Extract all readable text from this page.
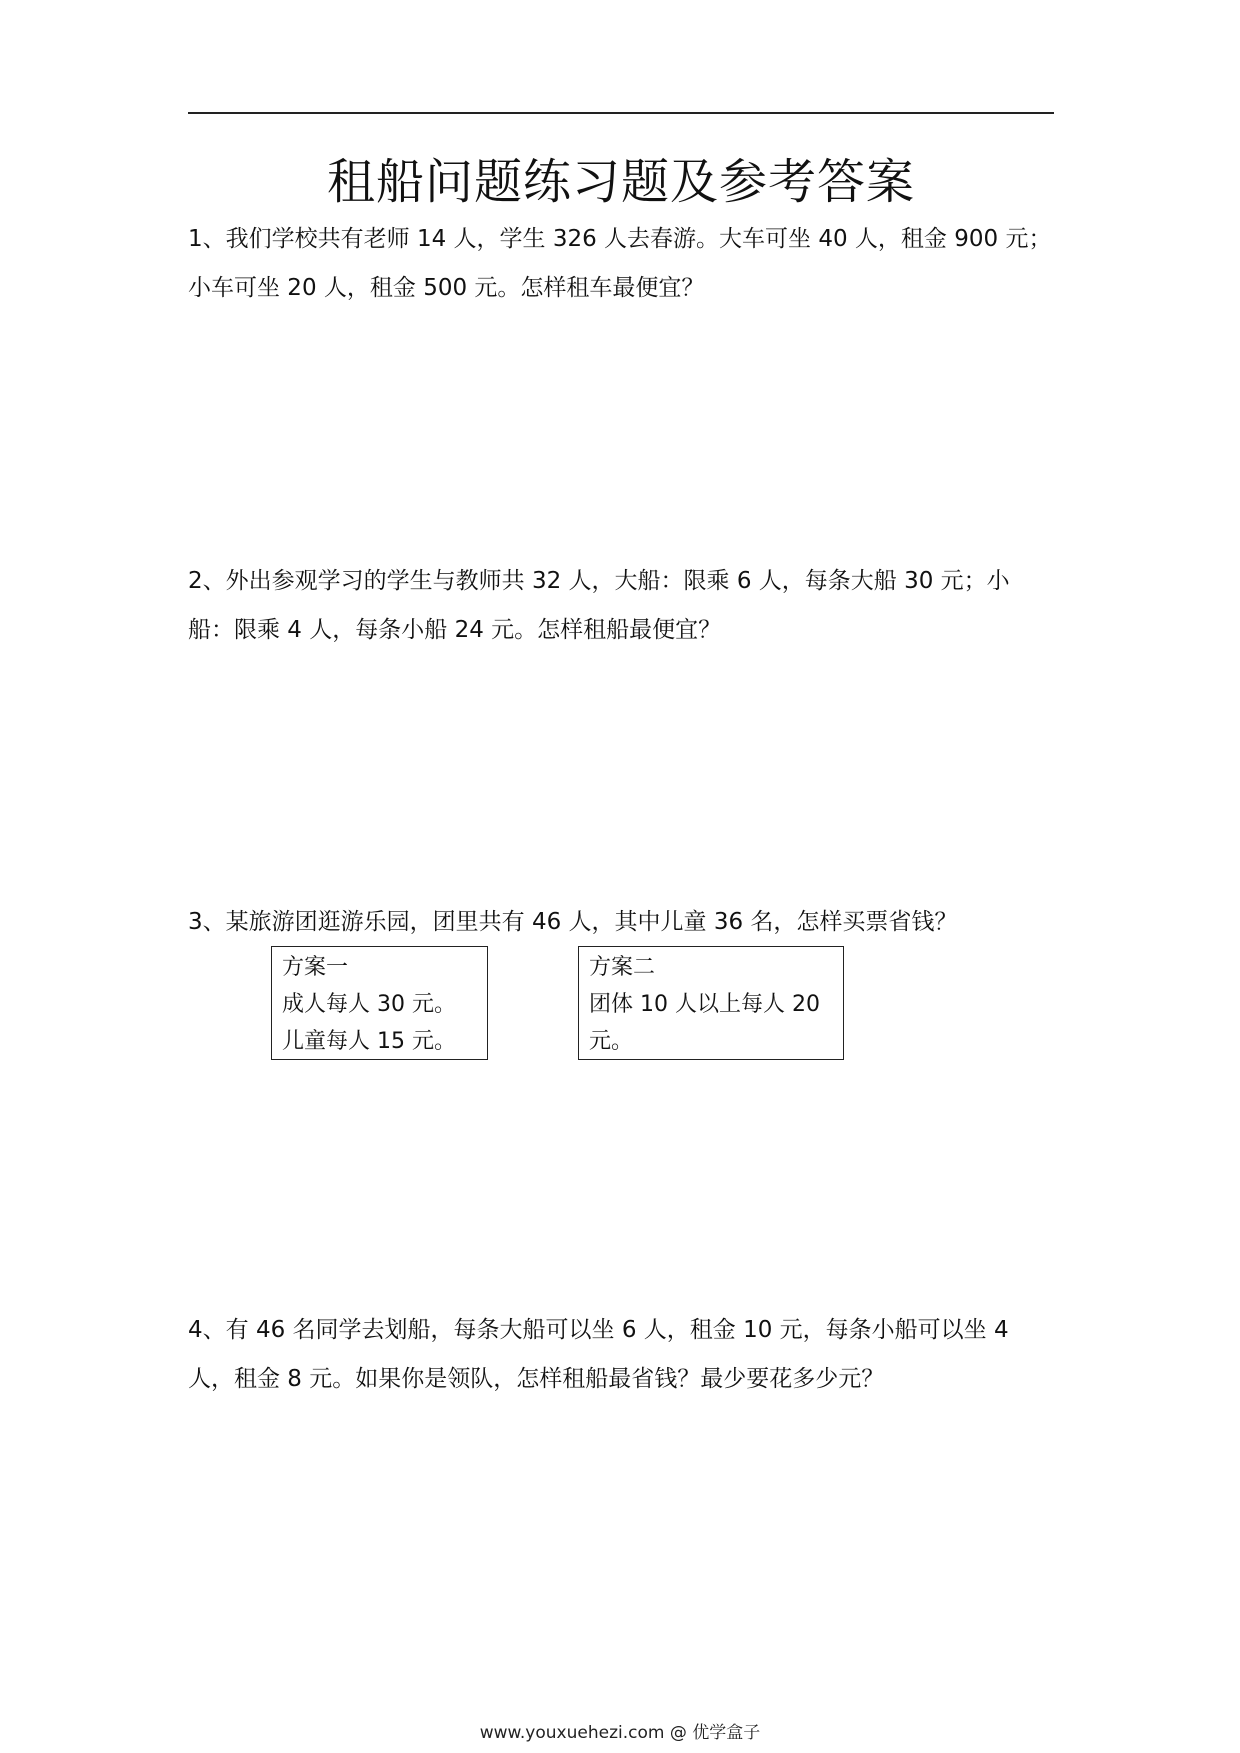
租船问题练习题及参考答案

1、我们学校共有老师 14 人，学生 326 人去春游。大车可坐 40 人，租金 900 元；

小车可坐 20 人，租金 500 元。怎样租车最便宜？

2、外出参观学习的学生与教师共 32 人，大船：限乘 6 人，每条大船 30 元；小

船：限乘 4 人，每条小船 24 元。怎样租船最便宜？

3、某旅游团逛游乐园，团里共有 46 人，其中儿童 36 名，怎样买票省钱？

方案一

成人每人 30 元。

儿童每人 15 元。

方案二

团体 10 人以上每人 20

元。

4、有 46 名同学去划船，每条大船可以坐 6 人，租金 10 元，每条小船可以坐 4

人，租金 8 元。如果你是领队，怎样租船最省钱？最少要花多少元？

www.youxuehezi.com @ 优学盒子
